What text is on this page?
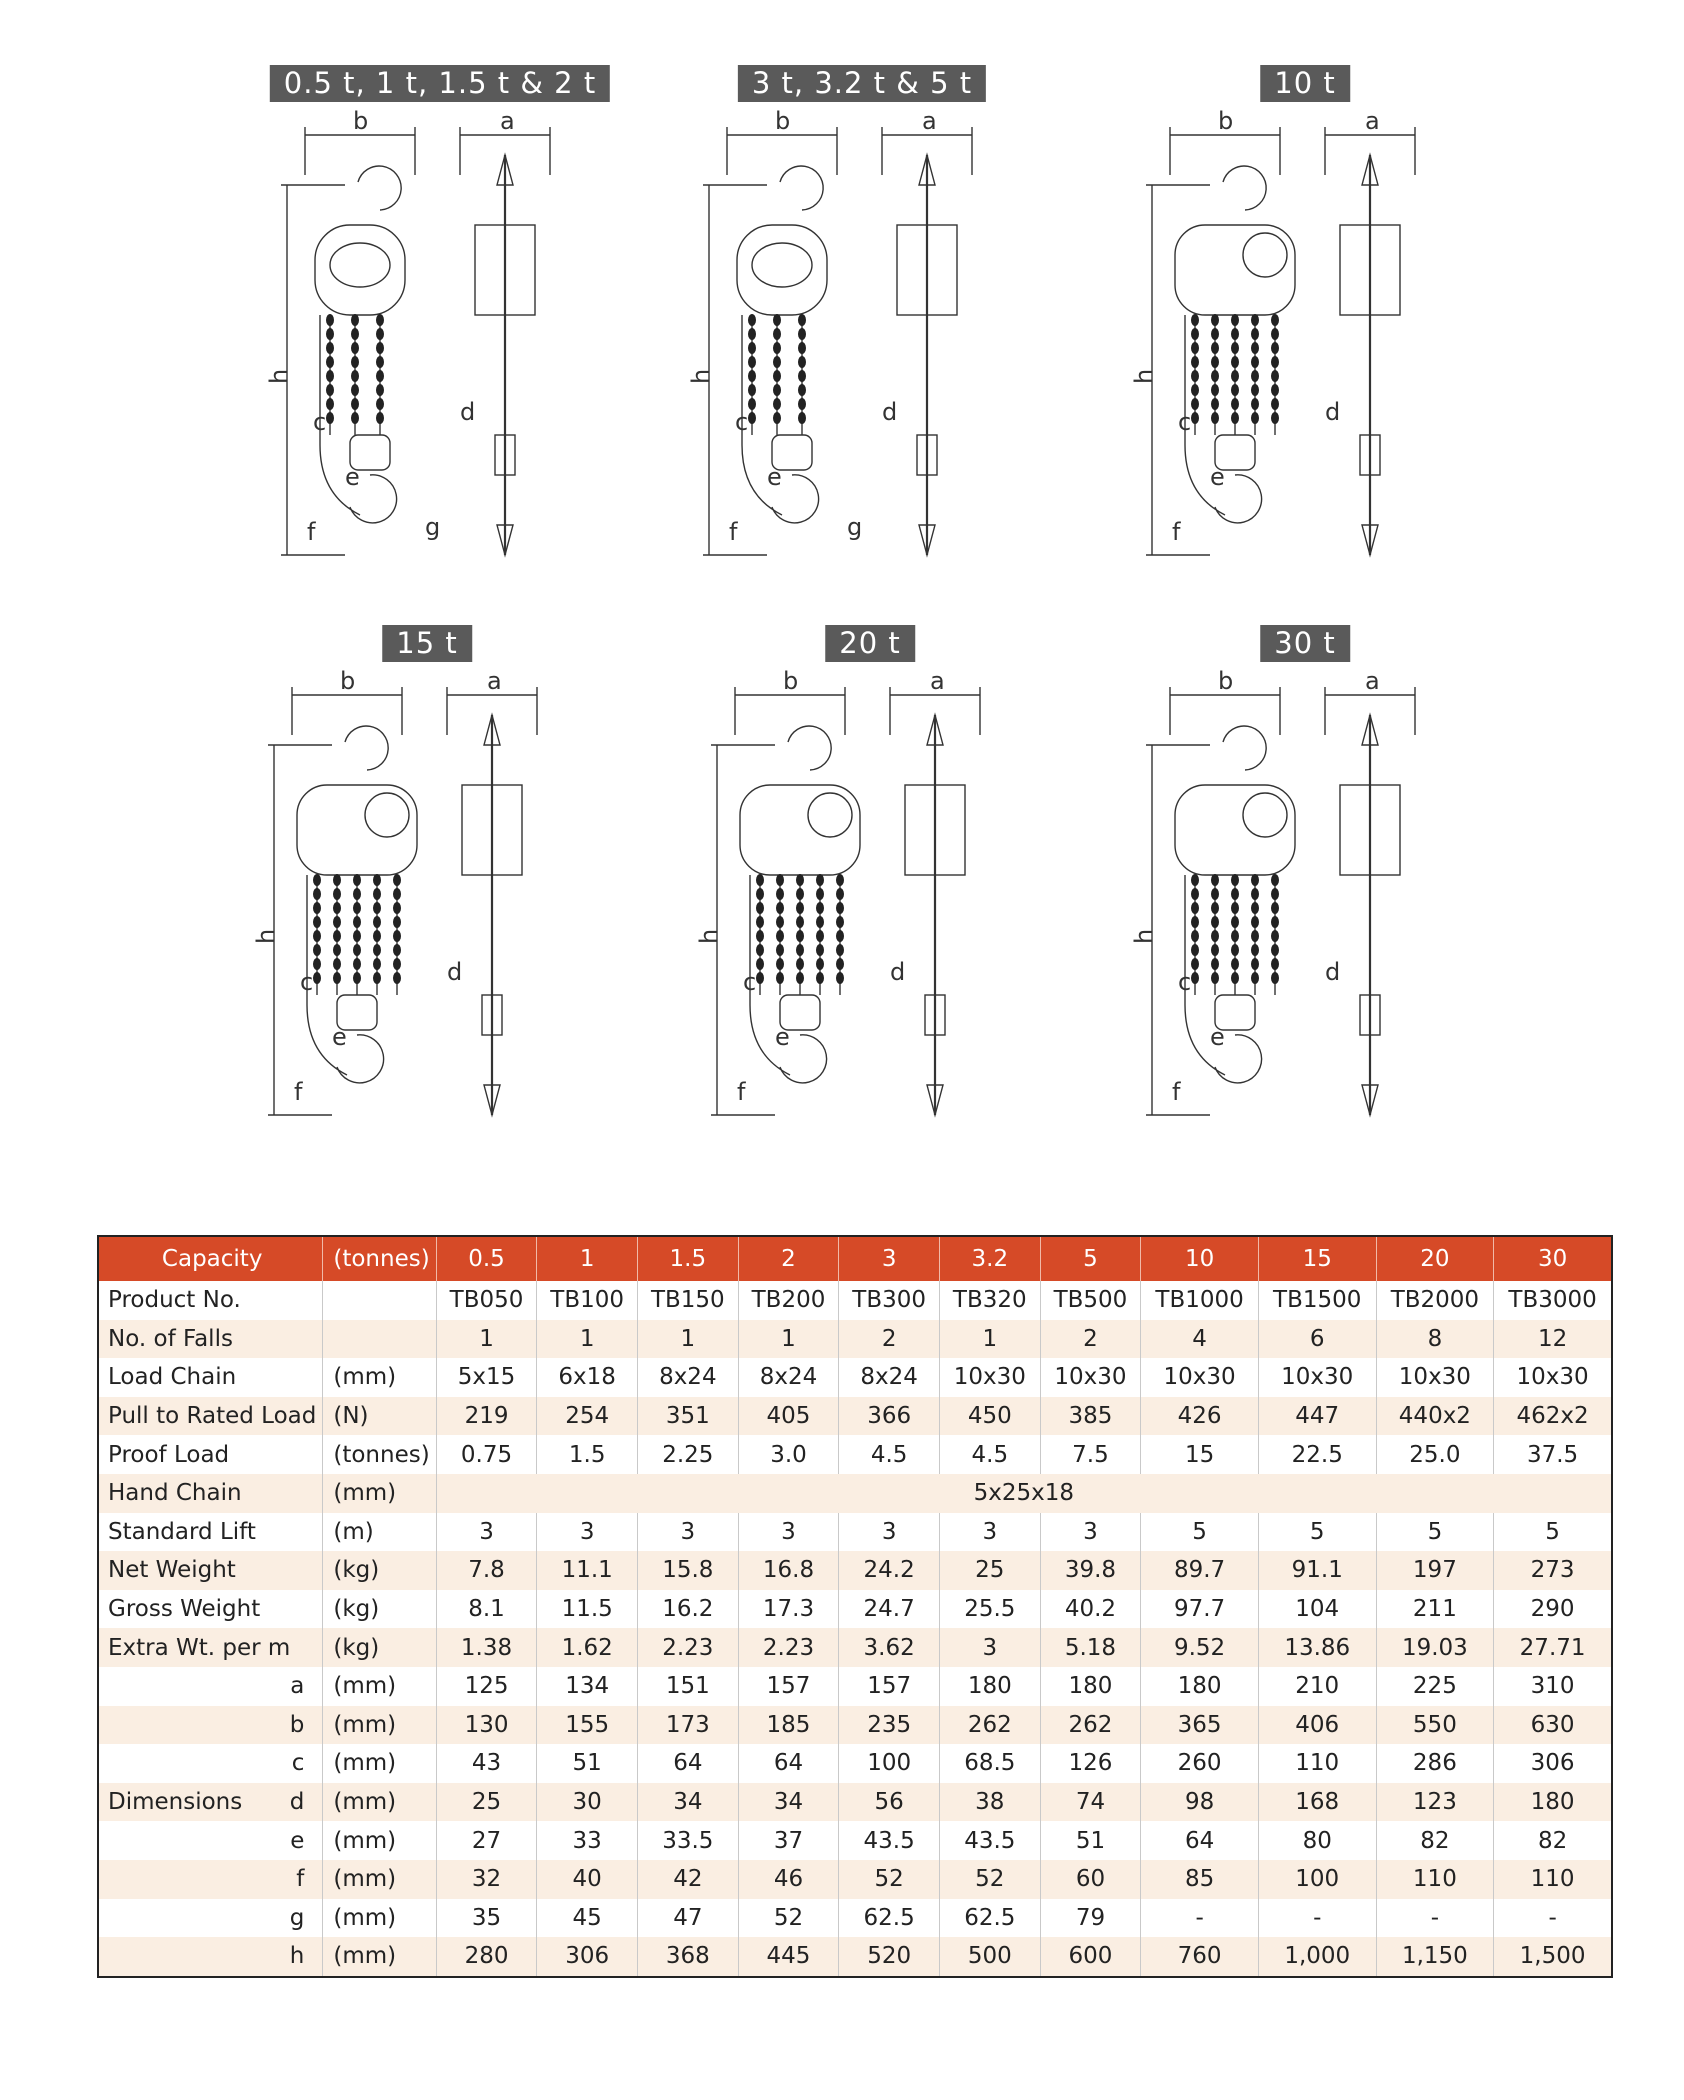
0.5 t, 1 t, 1.5 t & 2 t
b	a
h
c	d
e
f	g
3 t, 3.2 t & 5 t
b	a
h
c	d
e
f	g
10 t
b	a
h
c	d
e
f
15 t
b	a
h
c	d
e
f
20 t
b	a
h
c	d
e
f
30 t
b	a
h
c	d
e
f
Capacity	(tonnes)	0.5	1	1.5	2	3	3.2	5	10	15	20	30
Product No.		TB050	TB100	TB150	TB200	TB300	TB320	TB500	TB1000	TB1500	TB2000	TB3000
No. of Falls		1	1	1	1	2	1	2	4	6	8	12
Load Chain	(mm)	5x15	6x18	8x24	8x24	8x24	10x30	10x30	10x30	10x30	10x30	10x30
Pull to Rated Load	(N)	219	254	351	405	366	450	385	426	447	440x2	462x2
Proof Load	(tonnes)	0.75	1.5	2.25	3.0	4.5	4.5	7.5	15	22.5	25.0	37.5
Hand Chain	(mm)	5x25x18										
Standard Lift	(m)	3	3	3	3	3	3	3	5	5	5	5
Net Weight	(kg)	7.8	11.1	15.8	16.8	24.2	25	39.8	89.7	91.1	197	273
Gross Weight	(kg)	8.1	11.5	16.2	17.3	24.7	25.5	40.2	97.7	104	211	290
Extra Wt. per m	(kg)	1.38	1.62	2.23	2.23	3.62	3	5.18	9.52	13.86	19.03	27.71

a	(mm)	125	134	151	157	157	180	180	180	210	225	310

b	(mm)	130	155	173	185	235	262	262	365	406	550	630

c	(mm)	43	51	64	64	100	68.5	126	260	110	286	306

Dimensions d	(mm)	25	30	34	34	56	38	74	98	168	123	180

e	(mm)	27	33	33.5	37	43.5	43.5	51	64	80	82	82

f	(mm)	32	40	42	46	52	52	60	85	100	110	110

g	(mm)	35	45	47	52	62.5	62.5	79	-	-	-	-

h	(mm)	280	306	368	445	520	500	600	760	1,000	1,150	1,500
